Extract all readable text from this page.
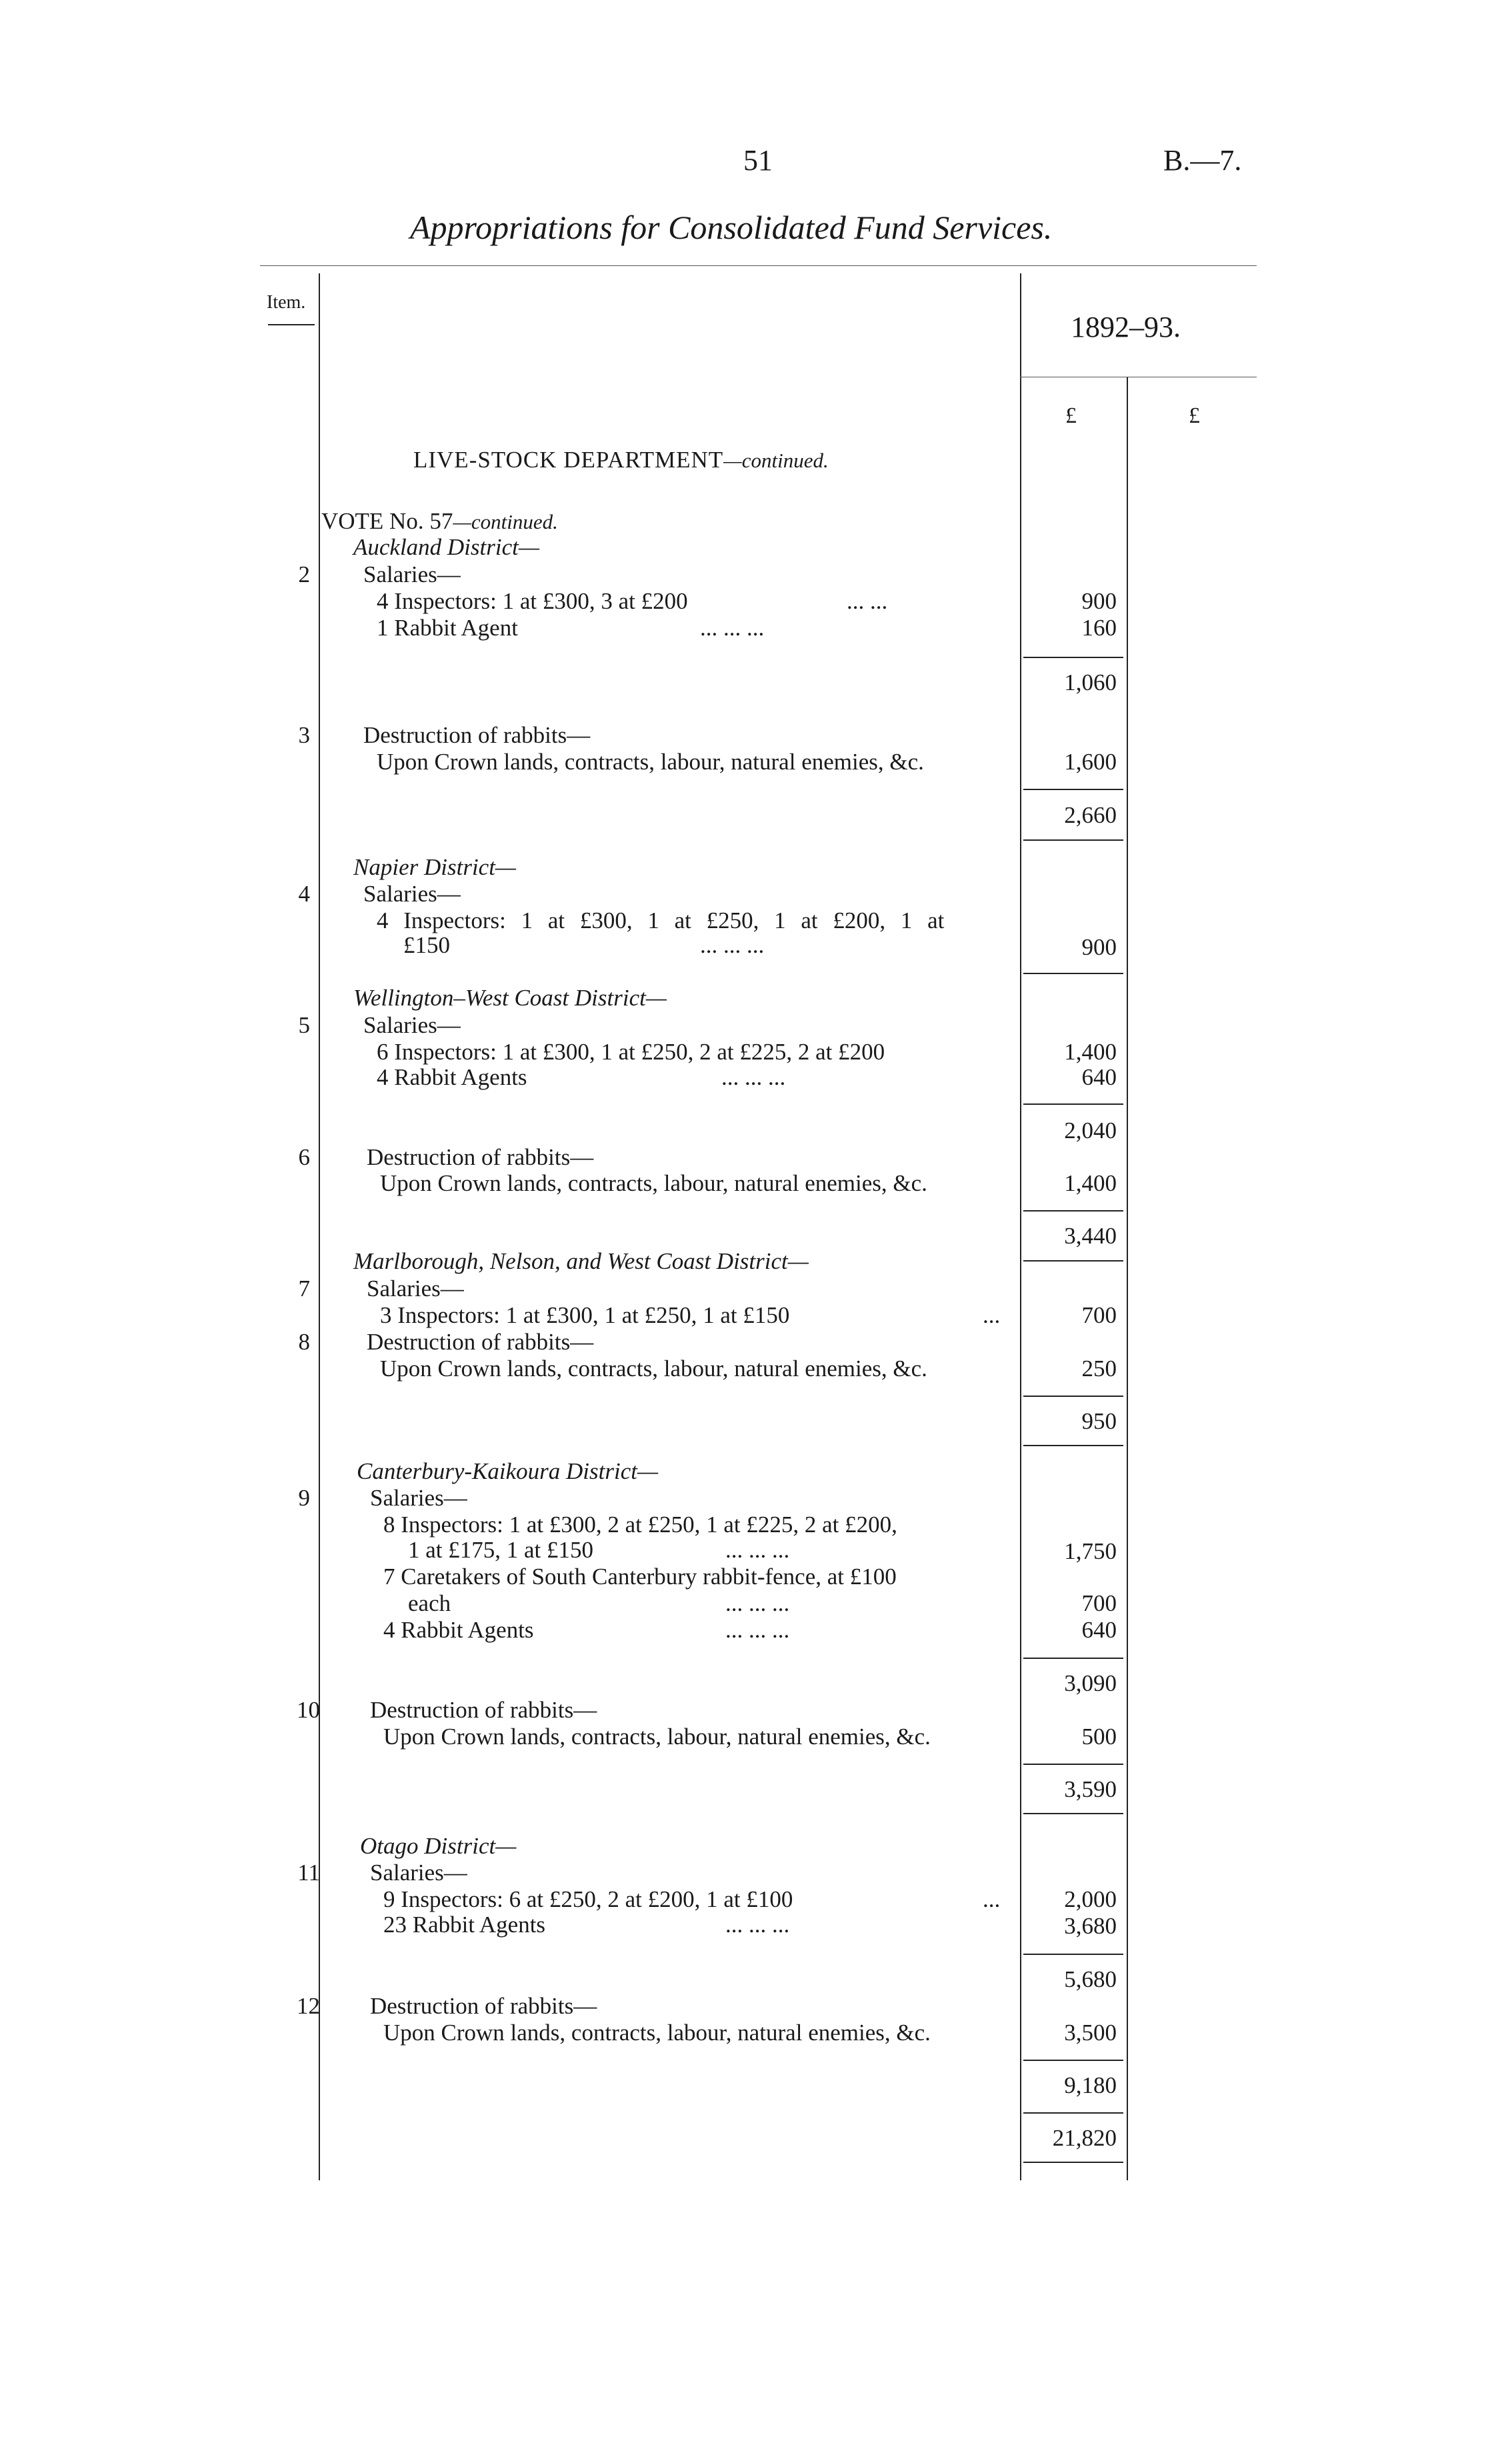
51	B.—7.
Appropriations for Consolidated Fund Services.
Item.
1892–93.
£	£
LIVE-STOCK DEPARTMENT—continued.
VOTE No. 57—continued.
Auckland District—
2 Salaries—
4 Inspectors: 1 at £300, 3 at £200	... ...	900
1 Rabbit Agent	... ... ...	160
1,060
3 Destruction of rabbits—
Upon Crown lands, contracts, labour, natural enemies, &c.	1,600
2,660
Napier District—
4 Salaries—
4 Inspectors: 1 at £300, 1 at £250, 1 at £200, 1 at
£150	... ... ...	900
Wellington–West Coast District—
5 Salaries—
6 Inspectors: 1 at £300, 1 at £250, 2 at £225, 2 at £200	1,400
4 Rabbit Agents	... ... ...	640
2,040
6 Destruction of rabbits—
Upon Crown lands, contracts, labour, natural enemies, &c.	1,400
3,440
Marlborough, Nelson, and West Coast District—
7 Salaries—
3 Inspectors: 1 at £300, 1 at £250, 1 at £150	...	700
8 Destruction of rabbits—
Upon Crown lands, contracts, labour, natural enemies, &c.	250
950
Canterbury-Kaikoura District—
9	Salaries—
8 Inspectors: 1 at £300, 2 at £250, 1 at £225, 2 at £200,
1 at £175, 1 at £150	... ... ...	1,750
7 Caretakers of South Canterbury rabbit-fence, at £100
each	... ... ...	700
4 Rabbit Agents	... ... ...	640
3,090
10 Destruction of rabbits—
Upon Crown lands, contracts, labour, natural enemies, &c.	500
3,590
Otago District—
11 Salaries—
9 Inspectors: 6 at £250, 2 at £200, 1 at £100	...	2,000
23 Rabbit Agents	... ... ...	3,680
5,680
12 Destruction of rabbits—
Upon Crown lands, contracts, labour, natural enemies, &c.	3,500
9,180
21,820
